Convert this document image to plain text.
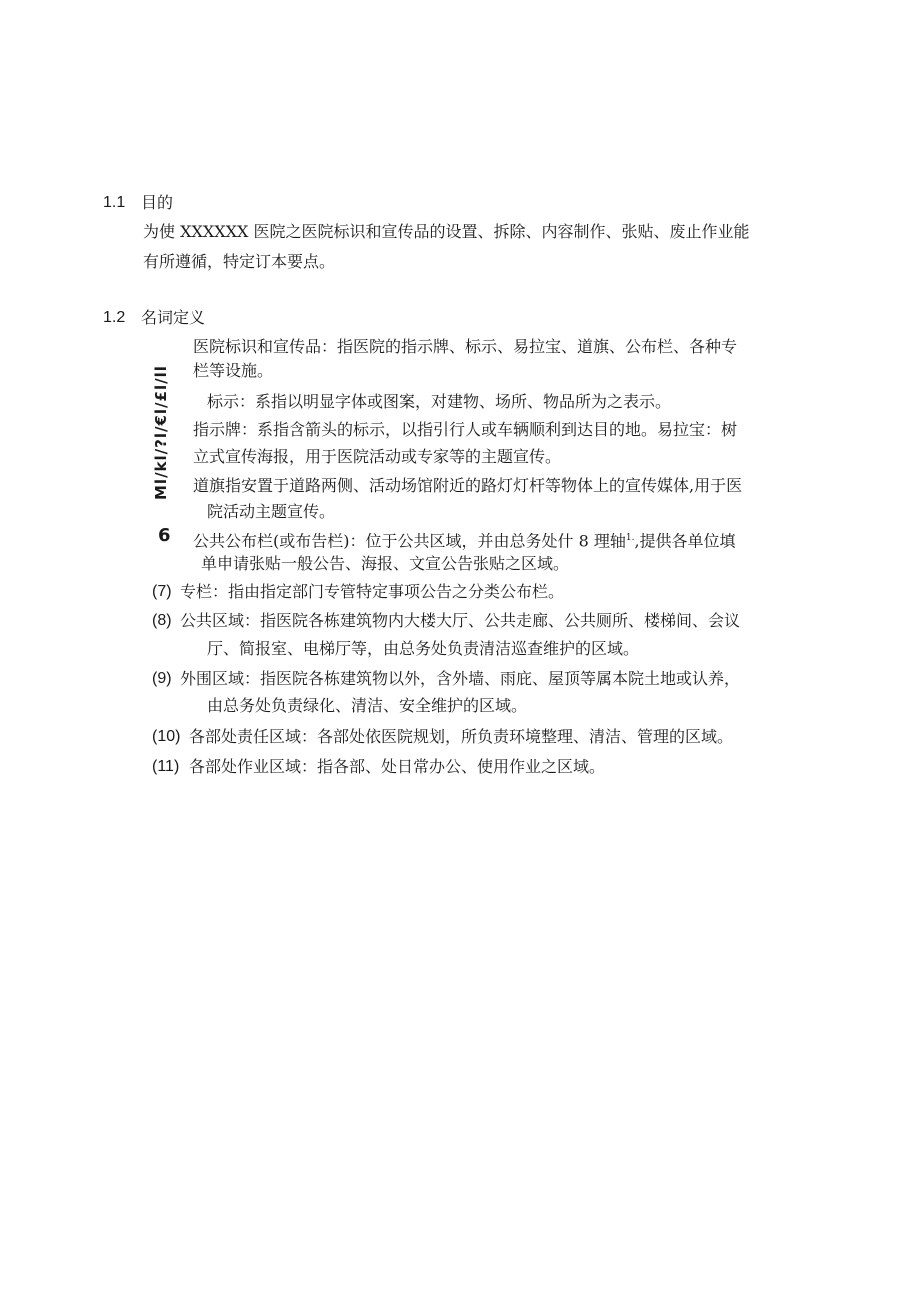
1.1 目的
为使 XXXXXX 医院之医院标识和宣传品的设置、拆除、内容制作、张贴、废止作业能
有所遵循，特定订本要点。
1.2 名词定义
Ml/kl/?l/€l/£l/ll
医院标识和宣传品：指医院的指示牌、标示、易拉宝、道旗、公布栏、各种专
栏等设施。
标示：系指以明显字体或图案，对建物、场所、物品所为之表示。
指示牌：系指含箭头的标示，以指引行人或车辆顺利到达目的地。易拉宝：树
立式宣传海报，用于医院活动或专家等的主题宣传。
道旗指安置于道路两侧、活动场馆附近的路灯灯杆等物体上的宣传媒体,用于医
院活动主题宣传。
6 公共公布栏(或布告栏)：位于公共区域，并由总务处什 8 理轴$^{1.}$,提供各单位填
单申请张贴一般公告、海报、文宣公告张贴之区域。
(7) 专栏：指由指定部门专管特定事项公告之分类公布栏。
(8) 公共区域：指医院各栋建筑物内大楼大厅、公共走廊、公共厕所、楼梯间、会议
厅、简报室、电梯厅等，由总务处负责清洁巡查维护的区域。
(9) 外围区域：指医院各栋建筑物以外，含外墙、雨庇、屋顶等属本院土地或认养，
由总务处负责绿化、清洁、安全维护的区域。
(10) 各部处责任区域：各部处依医院规划，所负责环境整理、清洁、管理的区域。
(11) 各部处作业区域：指各部、处日常办公、使用作业之区域。
